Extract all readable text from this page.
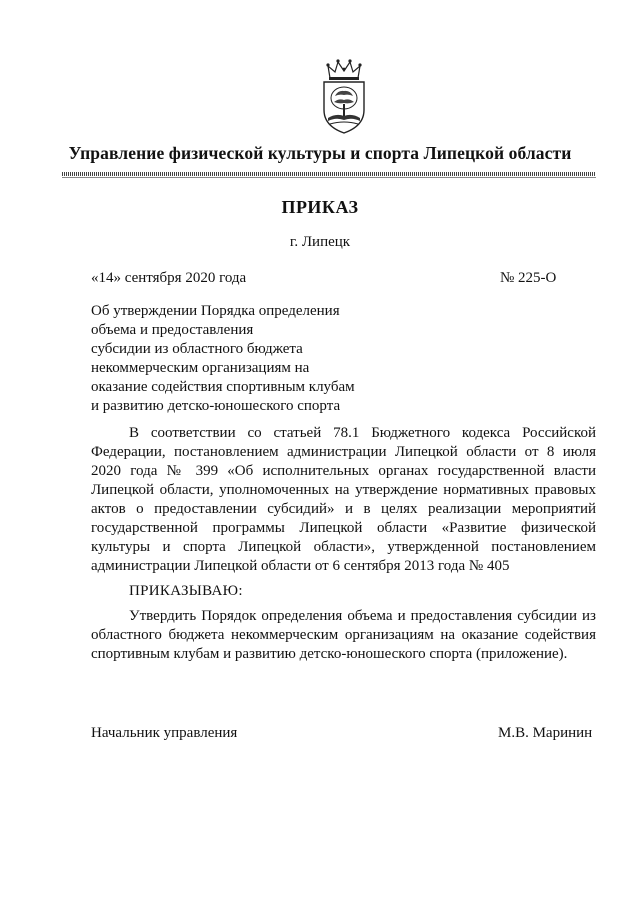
Управление физической культуры и спорта Липецкой области
ПРИКАЗ
г. Липецк
«14» сентября 2020 года	№ 225-О
Об утверждении Порядка определения
объема и предоставления
субсидии из областного бюджета
некоммерческим организациям на
оказание содействия спортивным клубам
и развитию детско-юношеского спорта
В соответствии со статьей 78.1 Бюджетного кодекса Российской
Федерации, постановлением администрации Липецкой области от 8 июля
2020 года № 399 «Об исполнительных органах государственной власти
Липецкой области, уполномоченных на утверждение нормативных правовых
актов о предоставлении субсидий» и в целях реализации мероприятий
государственной программы Липецкой области «Развитие физической
культуры и спорта Липецкой области», утвержденной постановлением
администрации Липецкой области от 6 сентября 2013 года № 405
ПРИКАЗЫВАЮ:
Утвердить Порядок определения объема и предоставления субсидии из
областного бюджета некоммерческим организациям на оказание содействия
спортивным клубам и развитию детско-юношеского спорта (приложение).
Начальник управления	М.В. Маринин
